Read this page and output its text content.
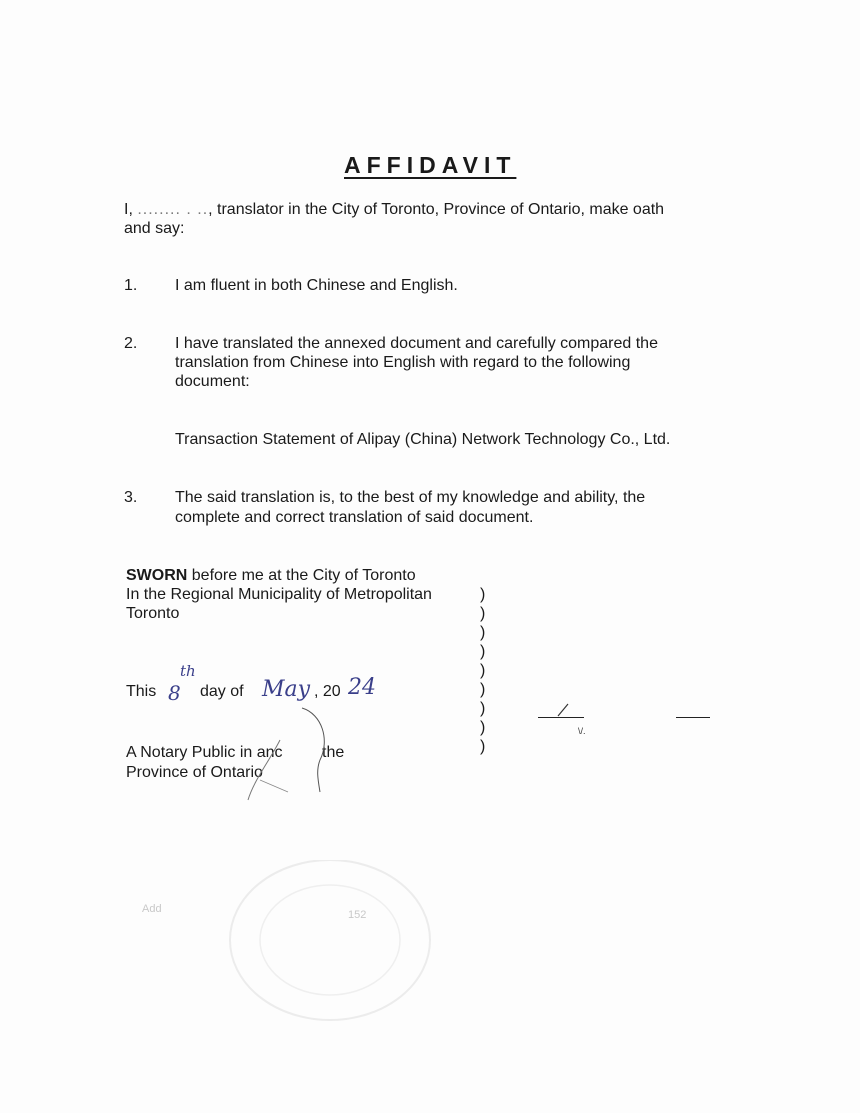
AFFIDAVIT
I, ........ . .., translator in the City of Toronto, Province of Ontario, make oath
and say:
1. I am fluent in both Chinese and English.
2. I have translated the annexed document and carefully compared the
translation from Chinese into English with regard to the following
document:
Transaction Statement of Alipay (China) Network Technology Co., Ltd.
3. The said translation is, to the best of my knowledge and ability, the
complete and correct translation of said document.
SWORN before me at the City of Toronto
In the Regional Municipality of Metropolitan
Toronto
)
)
)
)
)
)
)
)
)
This 8
th
day of May , 20 24
A Notary Public in anc the
Province of Ontario
\/.
Add	152
